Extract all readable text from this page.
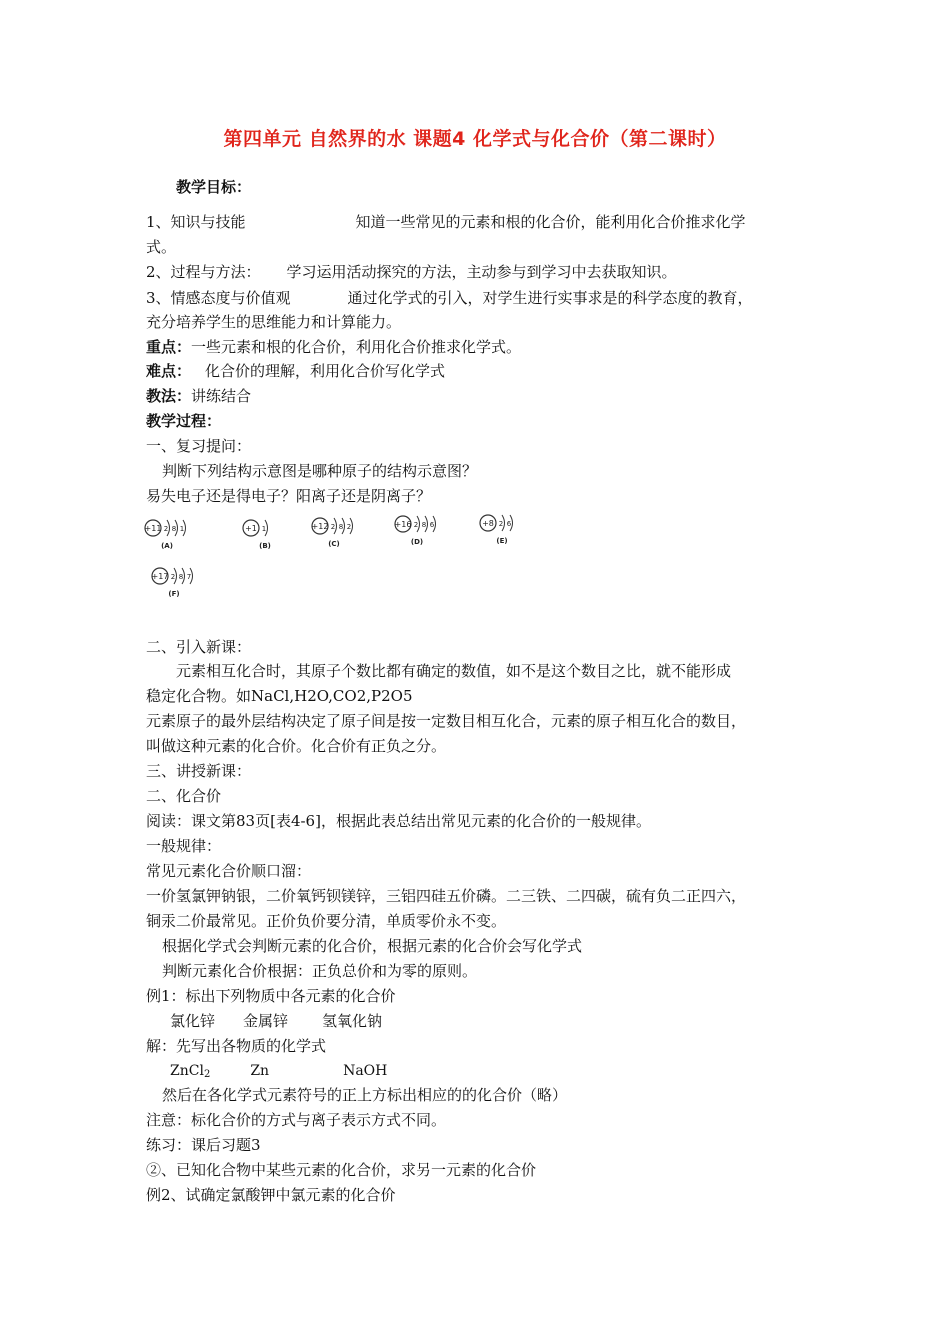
第四单元 自然界的水 课题4 化学式与化合价（第二课时）
教学目标：
1、知识与技能	知道一些常见的元素和根的化合价，能利用化合价推求化学
式。
2、过程与方法： 学习运用活动探究的方法，主动参与到学习中去获取知识。
3、情感态度与价值观	通过化学式的引入，对学生进行实事求是的科学态度的教育，
充分培养学生的思维能力和计算能力。
重点：一些元素和根的化合价，利用化合价推求化学式。
难点： 化合价的理解，利用化合价写化学式
教法：讲练结合
教学过程：
一、复习提问：
判断下列结构示意图是哪种原子的结构示意图？
易失电子还是得电子？阳离子还是阴离子？
+11 2 8 1
(A)
+1 1
(B)
+12 2 8 2
(C)
+16 2 8 6
(D)
+8 2 6
(E)
+17 2 8 7
(F)
二、引入新课：
元素相互化合时，其原子个数比都有确定的数值，如不是这个数目之比，就不能形成
稳定化合物。如NaCl,H2O,CO2,P2O5
元素原子的最外层结构决定了原子间是按一定数目相互化合，元素的原子相互化合的数目，
叫做这种元素的化合价。化合价有正负之分。
三、讲授新课：
二、化合价
阅读：课文第83页[表4-6]，根据此表总结出常见元素的化合价的一般规律。
一般规律：
常见元素化合价顺口溜：
一价氢氯钾钠银，二价氧钙钡镁锌，三铝四硅五价磷。二三铁、二四碳，硫有负二正四六，
铜汞二价最常见。正价负价要分清，单质零价永不变。
根据化学式会判断元素的化合价，根据元素的化合价会写化学式
判断元素化合价根据：正负总价和为零的原则。
例1：标出下列物质中各元素的化合价
氯化锌 金属锌 氢氧化钠
解：先写出各物质的化学式
ZnCl$_2$	Zn	NaOH
然后在各化学式元素符号的正上方标出相应的的化合价（略）
注意：标化合价的方式与离子表示方式不同。
练习：课后习题3
②、已知化合物中某些元素的化合价，求另一元素的化合价
例2、试确定氯酸钾中氯元素的化合价
